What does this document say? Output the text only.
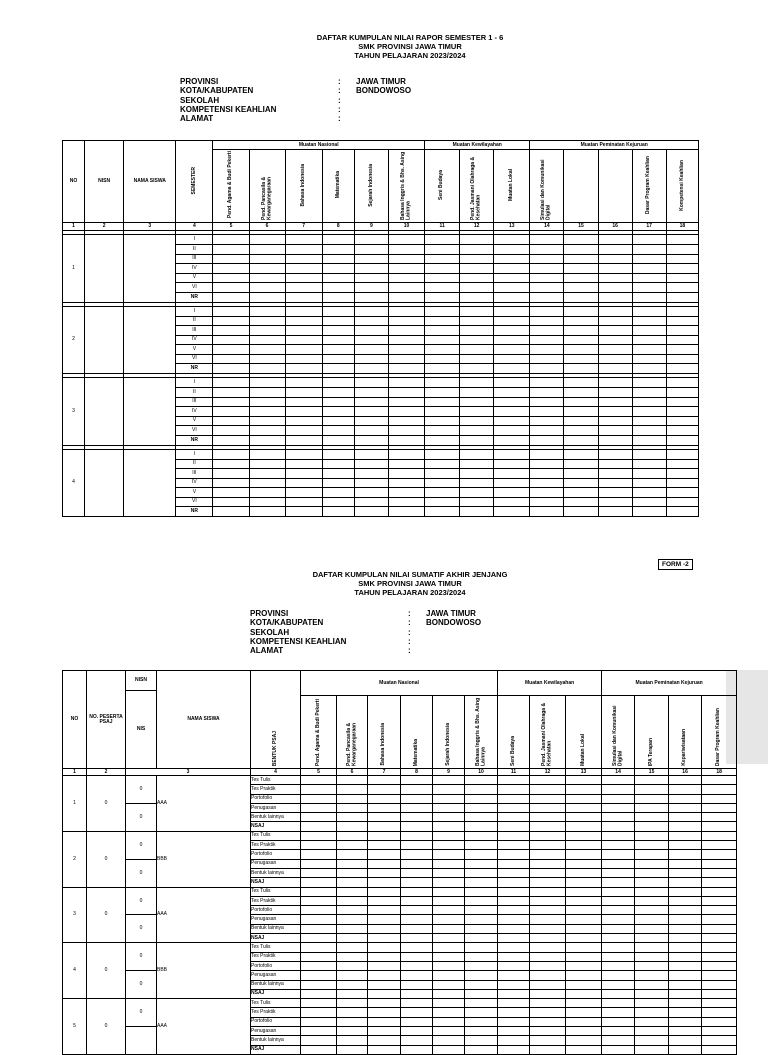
DAFTAR KUMPULAN NILAI RAPOR SEMESTER 1 - 6
SMK PROVINSI JAWA TIMUR
TAHUN PELAJARAN 2023/2024
PROVINSI	:	JAWA TIMUR
KOTA/KABUPATEN	:	BONDOWOSO
SEKOLAH	:
KOMPETENSI KEAHLIAN	:
ALAMAT	:
NO	NISN	NAMA SISWA	SEMESTER	Muatan Nasional						Muatan Kewilayahan			Muatan Peminatan Kejuruan				
				Pend. Agama & Budi Pekerti	Pend. Pancasila & Kewarganegaraan	Bahasa Indonesia	Matematika	Sejarah Indonesia	Bahasa Inggris & Bhs. Asing Lainnya	Seni Budaya	Pend. Jasmani Olahraga & Kesehatan	Muatan Lokal	Simulasi dan Komunikasi Digital			Dasar Program Keahlian	Kompetensi Keahlian
1	2	3	4	5	6	7	8	9	10	11	12	13	14	15	16	17	18

1			I														
			II														
			III														
			IV														
			V														
			VI														
			NR														

2			I														
			II														
			III														
			IV														
			V														
			VI														
			NR														

3			I														
			II														
			III														
			IV														
			V														
			VI														
			NR														

4			I														
			II														
			III														
			IV														
			V														
			VI														
			NR														
FORM -2
DAFTAR KUMPULAN NILAI SUMATIF AKHIR JENJANG
SMK PROVINSI JAWA TIMUR
TAHUN PELAJARAN 2023/2024
PROVINSI	:	JAWA TIMUR
KOTA/KABUPATEN	:	BONDOWOSO
SEKOLAH	:
KOMPETENSI KEAHLIAN	:
ALAMAT	:
NO	NO. PESERTA PSAJ	NISN	NAMA SISWA	BENTUK PSAJ	Muatan Nasional						Muatan Kewilayahan			Muatan Peminatan Kejuruan			
		NIS															
					Pend. Agama & Budi Pekerti	Pend. Pancasila & Kewarganegaraan	Bahasa Indonesia	Matematika	Sejarah Indonesia	Bahasa Inggris & Bhs. Asing Lainnya	Seni Budaya	Pend. Jasmani Olahraga & Kesehatan	Muatan Lokal	Simulasi dan Komunikasi Digital	IPA Terapan	Kepariwisataan	Dasar Program Keahlian
1	2	3		4	5	6	7	8	9	10	11	12	13	14	15	16	18
1	0	0	AAA	Tes Tulis													
				Tes Praktik													
				Portofolio													
		0		Penugasan													
				Bentuk lainnya													
				NSAJ													
2	0	0	BBB	Tes Tulis													
				Tes Praktik													
				Portofolio													
		0		Penugasan													
				Bentuk lainnya													
				NSAJ													
3	0	0	AAA	Tes Tulis													
				Tes Praktik													
				Portofolio													
		0		Penugasan													
				Bentuk lainnya													
				NSAJ													
4	0	0	BBB	Tes Tulis													
				Tes Praktik													
				Portofolio													
		0		Penugasan													
				Bentuk lainnya													
				NSAJ													
5	0	0	AAA	Tes Tulis													
				Tes Praktik													
				Portofolio													
				Penugasan													
				Bentuk lainnya													
				NSAJ													
